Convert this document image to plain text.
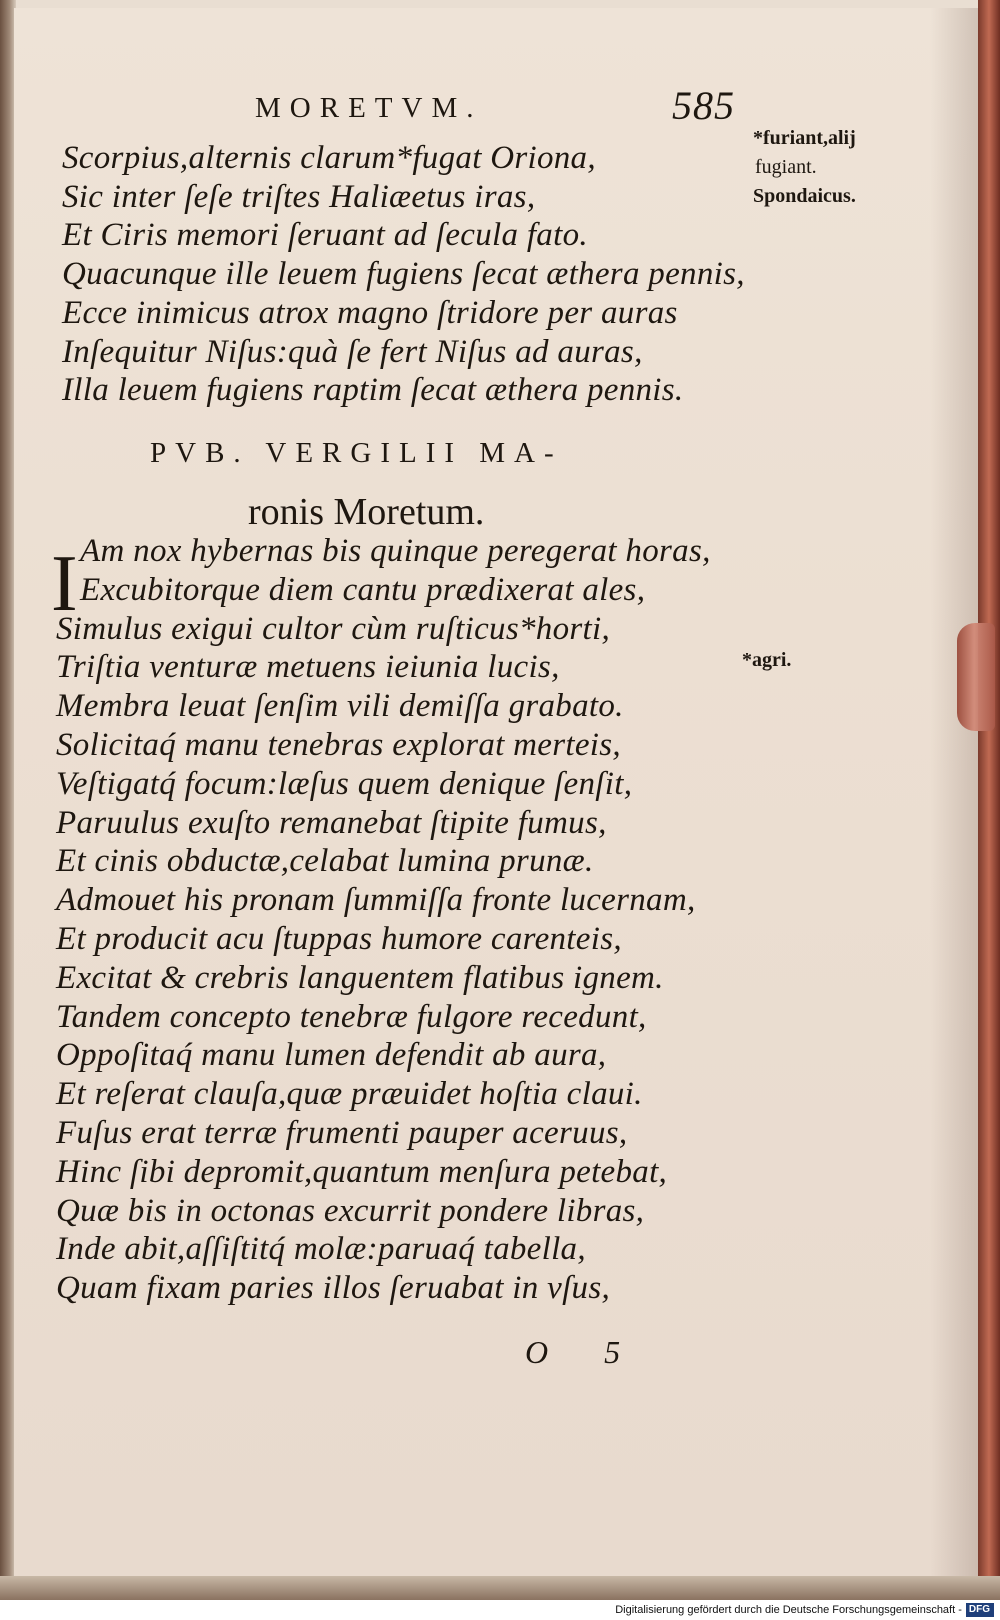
MORETVM.	585
*furiant,alij
fugiant.
Spondaicus.
Scorpius,alternis clarum*fugat Oriona,
Sic inter ſeſe triſtes Haliæetus iras,
Et Ciris memori ſeruant ad ſecula fato.
Quacunque ille leuem fugiens ſecat æthera pennis,
Ecce inimicus atrox magno ſtridore per auras
Inſequitur Niſus:quà ſe fert Niſus ad auras,
Illa leuem fugiens raptim ſecat æthera pennis.
PVB. VERGILII MA-
ronis Moretum.
I Am nox hybernas bis quinque peregerat horas,
Excubitorque diem cantu prædixerat ales,
Simulus exigui cultor cùm ruſticus*horti,
Triſtia venturæ metuens ieiunia lucis,
Membra leuat ſenſim vili demiſſa grabato.
Solicitaq́ manu tenebras explorat merteis,
Veſtigatq́ focum:læſus quem denique ſenſit,
Paruulus exuſto remanebat ſtipite fumus,
Et cinis obductæ,celabat lumina prunæ.
Admouet his pronam ſummiſſa fronte lucernam,
Et producit acu ſtuppas humore carenteis,
Excitat & crebris languentem flatibus ignem.
Tandem concepto tenebræ fulgore recedunt,
Oppoſitaq́ manu lumen defendit ab aura,
Et reſerat clauſa,quæ præuidet hoſtia claui.
Fuſus erat terræ frumenti pauper aceruus,
Hinc ſibi depromit,quantum menſura petebat,
Quæ bis in octonas excurrit pondere libras,
Inde abit,aſſiſtitq́ molæ:paruaq́ tabella,
Quam fixam paries illos ſeruabat in vſus,
*agri.
O 5
Digitalisierung gefördert durch die Deutsche Forschungsgemeinschaft - DFG
